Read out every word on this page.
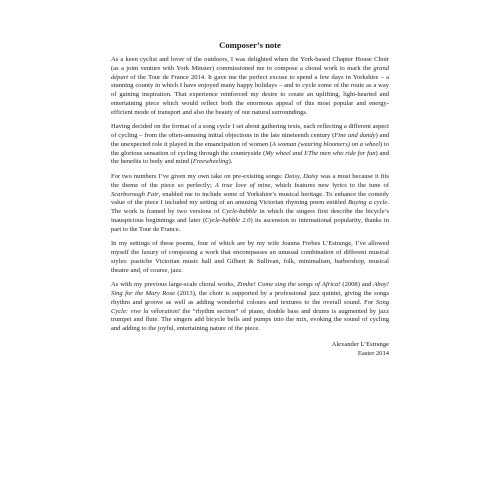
Composer’s note

As a keen cyclist and lover of the outdoors, I was delighted when the York-based Chapter House Choir (as a joint venture with York Minster) commissioned me to compose a choral work to mark the grand départ of the Tour de France 2014. It gave me the perfect excuse to spend a few days in Yorkshire – a stunning county in which I have enjoyed many happy holidays – and to cycle some of the route as a way of gaining inspiration. That experience reinforced my desire to create an uplifting, light-hearted and entertaining piece which would reflect both the enormous appeal of this most popular and energy-efficient mode of transport and also the beauty of our natural surroundings.

Having decided on the format of a song cycle I set about gathering texts, each reflecting a different aspect of cycling – from the often-amusing initial objections in the late nineteenth century (Fine and dandy) and the unexpected role it played in the emancipation of women (A woman (wearing bloomers) on a wheel) to the glorious sensation of cycling through the countryside (My wheel and I/The men who ride for fun) and the benefits to body and mind (Freewheeling).

For two numbers I’ve given my own take on pre-existing songs: Daisy, Daisy was a must because it fits the theme of the piece so perfectly; A true love of mine, which features new lyrics to the tune of Scarborough Fair, enabled me to include some of Yorkshire’s musical heritage. To enhance the comedy value of the piece I included my setting of an amusing Victorian rhyming poem entitled Buying a cycle. The work is framed by two versions of Cycle-bubble in which the singers first describe the bicycle’s inauspicious beginnings and later (Cycle-bubble 2.0) its ascension to international popularity, thanks in part to the Tour de France.

In my settings of these poems, four of which are by my wife Joanna Forbes L’Estrange, I’ve allowed myself the luxury of composing a work that encompasses an unusual combination of different musical styles: pastiche Victorian music hall and Gilbert & Sullivan, folk, minimalism, barbershop, musical theatre and, of course, jazz.

As with my previous large-scale choral works, Zimbe! Come sing the songs of Africa! (2008) and Ahoy! Sing for the Mary Rose (2013), the choir is supported by a professional jazz quintet, giving the songs rhythm and groove as well as adding wonderful colours and textures to the overall sound. For Song Cycle: vive la vélorution! the “rhythm section” of piano, double bass and drums is augmented by jazz trumpet and flute. The singers add bicycle bells and pumps into the mix, evoking the sound of cycling and adding to the joyful, entertaining nature of the piece.

Alexander L’Estrange
Easter 2014
